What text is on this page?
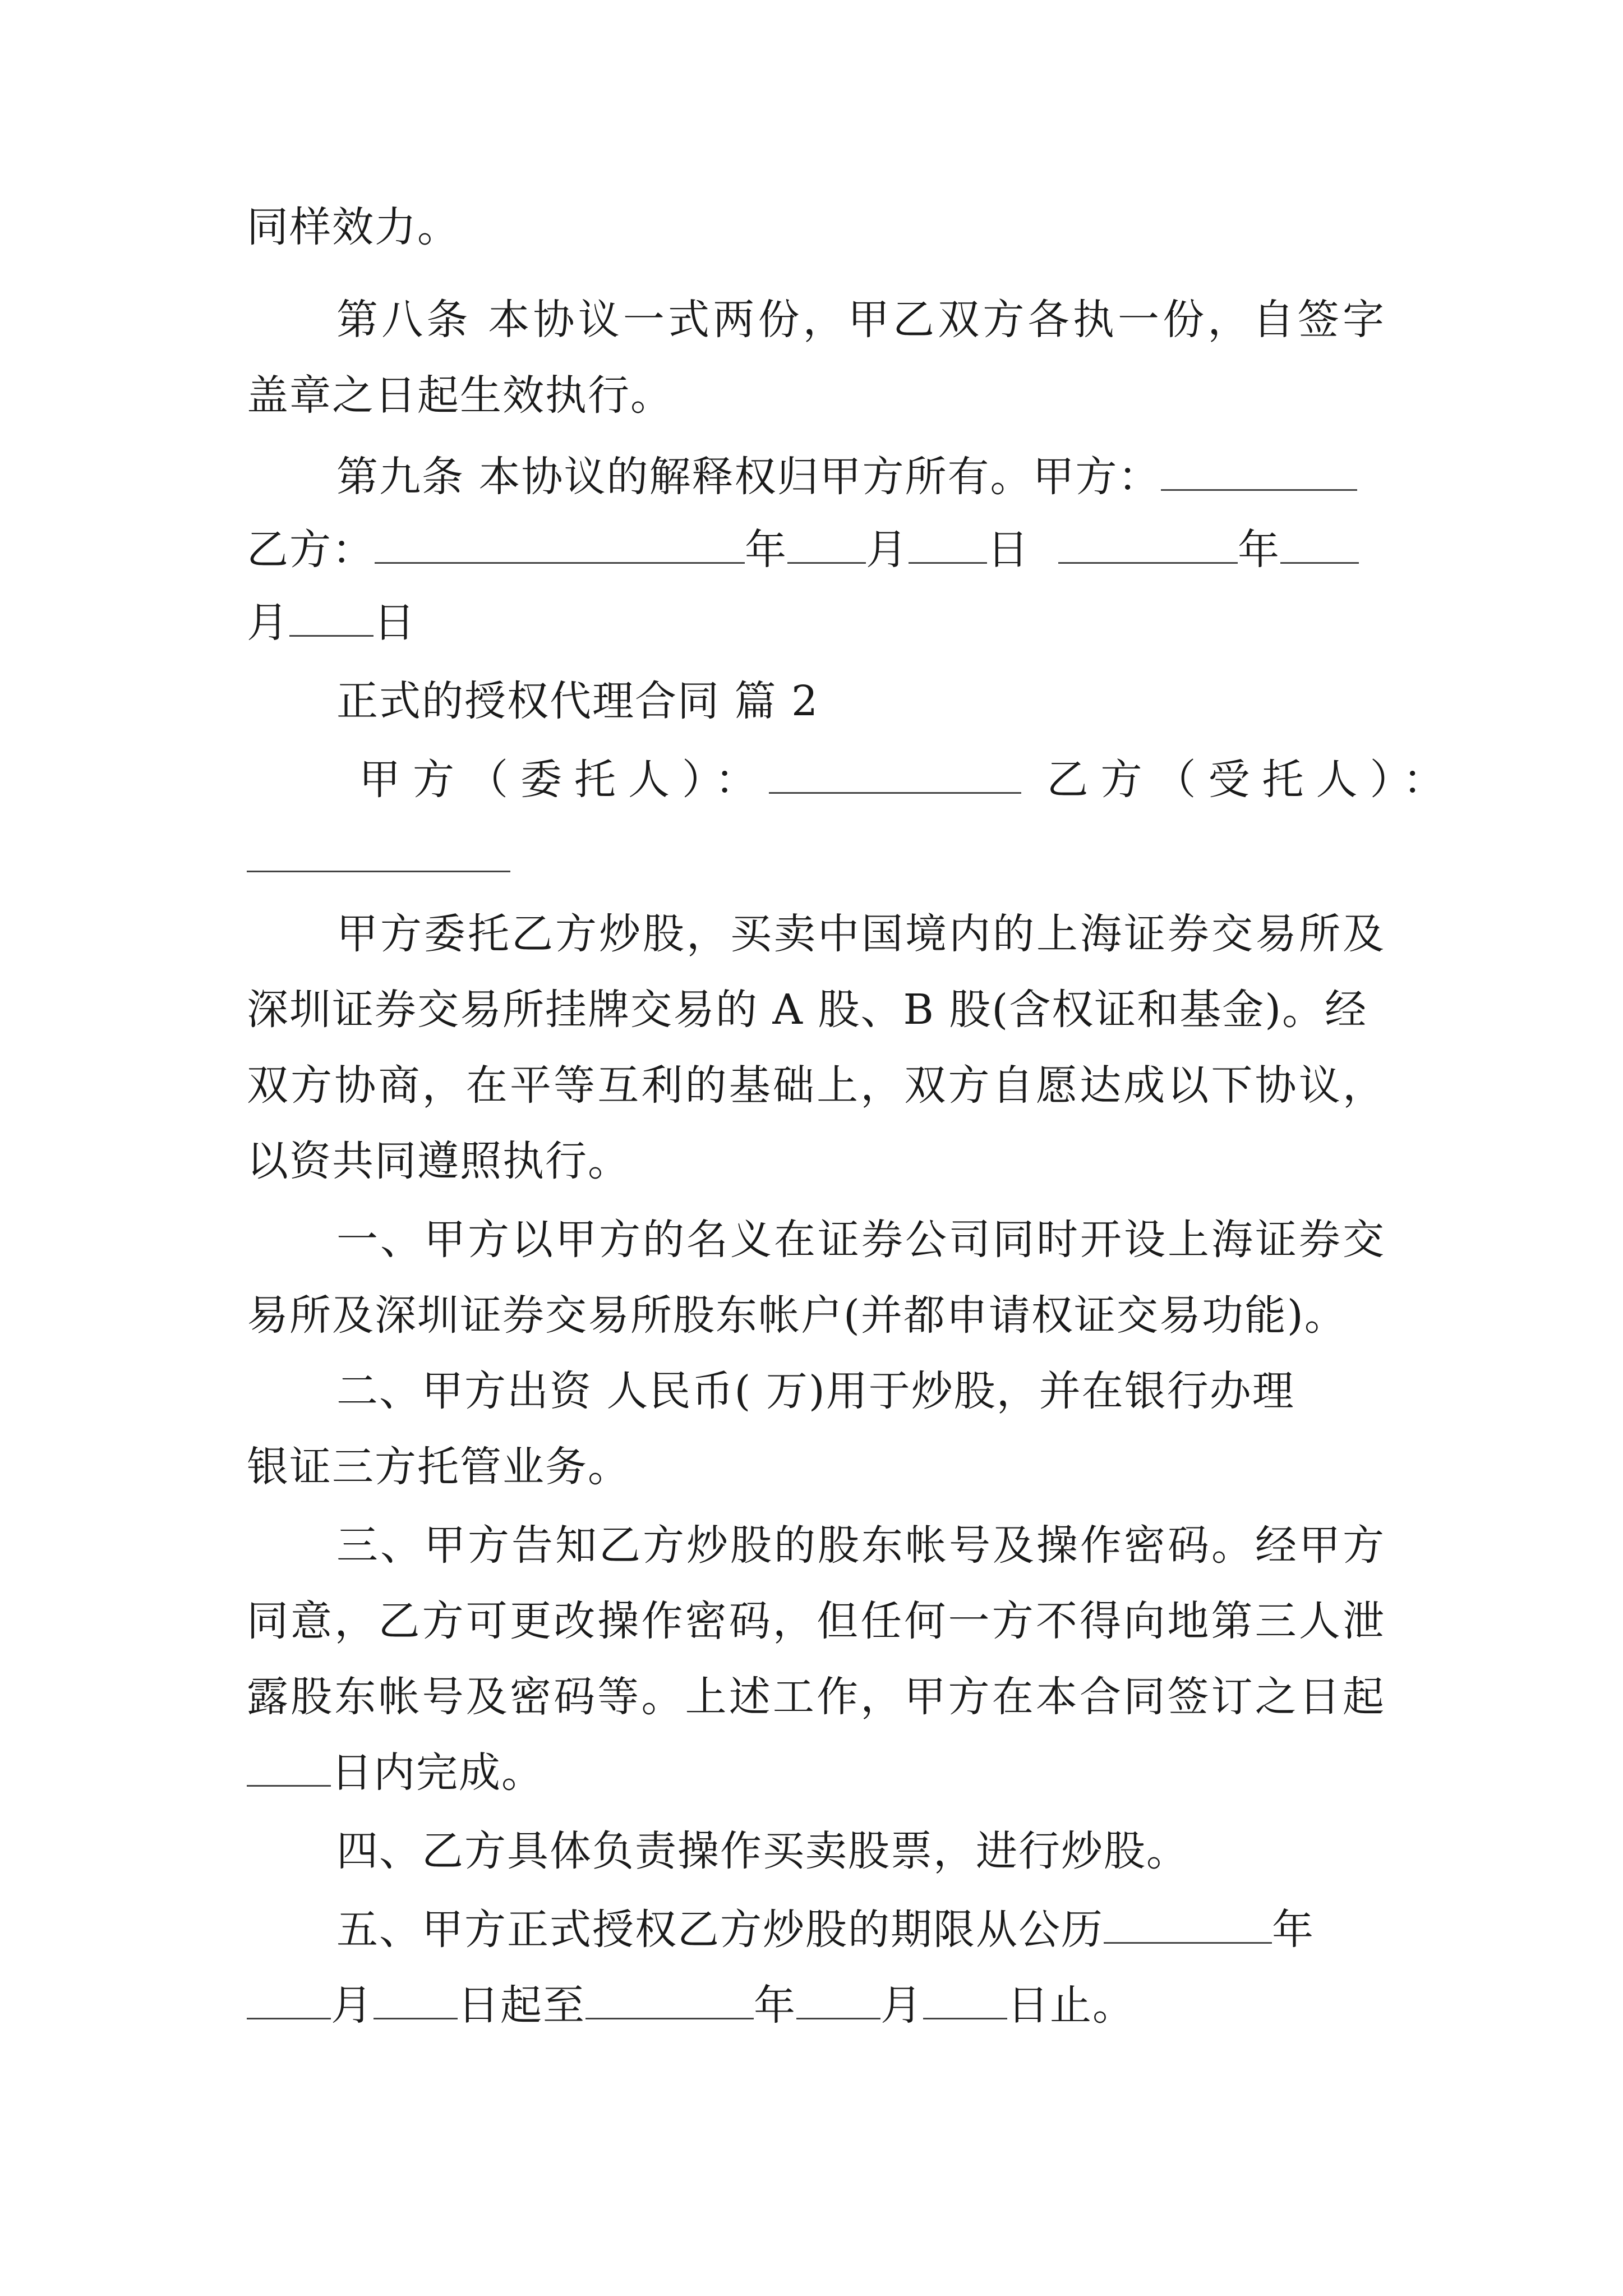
同样效力。
第八条 本协议一式两份，甲乙双方各执一份，自签字
盖章之日起生效执行。
第九条 本协议的解释权归甲方所有。甲方：
乙方：	年 月 日	年
月 日
正式的授权代理合同 篇 2
甲方（委托人）：	乙方（受托人）：
甲方委托乙方炒股，买卖中国境内的上海证券交易所及
深圳证券交易所挂牌交易的 A 股、B 股(含权证和基金)。经
双方协商，在平等互利的基础上，双方自愿达成以下协议，
以资共同遵照执行。
一、甲方以甲方的名义在证券公司同时开设上海证券交
易所及深圳证券交易所股东帐户(并都申请权证交易功能)。
二、甲方出资 人民币( 万)用于炒股，并在银行办理
银证三方托管业务。
三、甲方告知乙方炒股的股东帐号及操作密码。经甲方
同意，乙方可更改操作密码，但任何一方不得向地第三人泄
露股东帐号及密码等。上述工作，甲方在本合同签订之日起
日内完成。
四、乙方具体负责操作买卖股票，进行炒股。
五、甲方正式授权乙方炒股的期限从公历	年
月 日起至	年 月 日止。
